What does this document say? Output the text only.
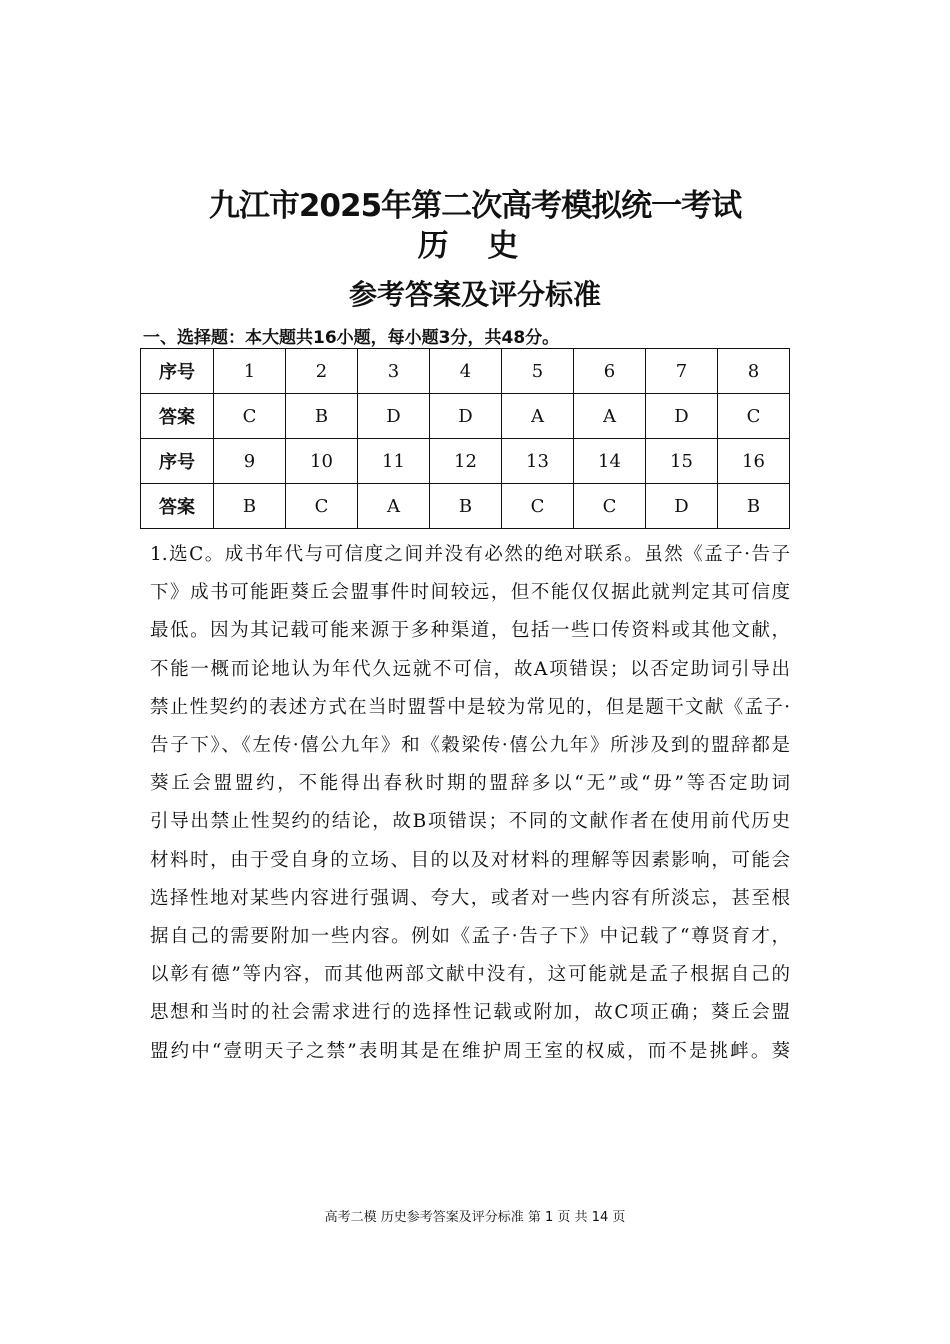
九江市2025年第二次高考模拟统一考试
历 史
参考答案及评分标准
一、选择题：本大题共16小题，每小题3分，共48分。
序号	1	2	3	4	5	6	7	8
答案	C	B	D	D	A	A	D	C
序号	9	10	11	12	13	14	15	16
答案	B	C	A	B	C	C	D	B
1.选C。成书年代与可信度之间并没有必然的绝对联系。虽然《孟子·告子
下》成书可能距葵丘会盟事件时间较远，但不能仅仅据此就判定其可信度
最低。因为其记载可能来源于多种渠道，包括一些口传资料或其他文献，
不能一概而论地认为年代久远就不可信，故A项错误；以否定助词引导出
禁止性契约的表述方式在当时盟誓中是较为常见的，但是题干文献《孟子·
告子下》、《左传·僖公九年》和《穀梁传·僖公九年》所涉及到的盟辞都是
葵丘会盟盟约，不能得出春秋时期的盟辞多以“无”或“毋”等否定助词
引导出禁止性契约的结论，故B项错误；不同的文献作者在使用前代历史
材料时，由于受自身的立场、目的以及对材料的理解等因素影响，可能会
选择性地对某些内容进行强调、夸大，或者对一些内容有所淡忘，甚至根
据自己的需要附加一些内容。例如《孟子·告子下》中记载了“尊贤育才，
以彰有德”等内容，而其他两部文献中没有，这可能就是孟子根据自己的
思想和当时的社会需求进行的选择性记载或附加，故C项正确；葵丘会盟
盟约中“壹明天子之禁”表明其是在维护周王室的权威，而不是挑衅。葵
高考二模 历史参考答案及评分标准 第 1 页 共 14 页
